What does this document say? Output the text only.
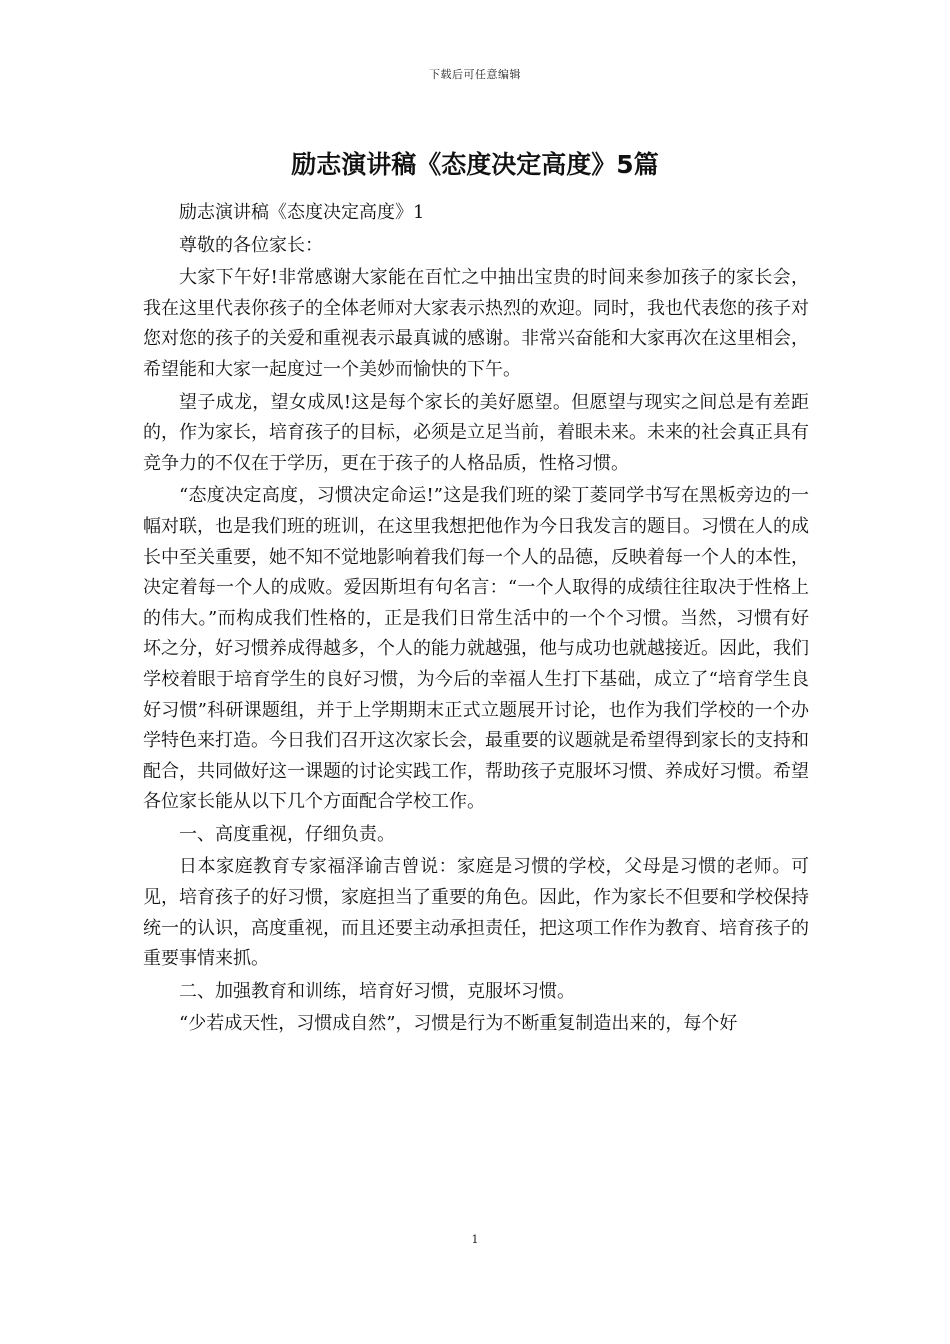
下载后可任意编辑
励志演讲稿《态度决定高度》5篇

励志演讲稿《态度决定高度》1

尊敬的各位家长：

大家下午好!非常感谢大家能在百忙之中抽出宝贵的时间来参加孩子的家长会，我在这里代表你孩子的全体老师对大家表示热烈的欢迎。同时，我也代表您的孩子对您对您的孩子的关爱和重视表示最真诚的感谢。非常兴奋能和大家再次在这里相会，希望能和大家一起度过一个美妙而愉快的下午。

望子成龙，望女成凤!这是每个家长的美好愿望。但愿望与现实之间总是有差距的，作为家长，培育孩子的目标，必须是立足当前，着眼未来。未来的社会真正具有竞争力的不仅在于学历，更在于孩子的人格品质，性格习惯。

“态度决定高度，习惯决定命运!”这是我们班的梁丁菱同学书写在黑板旁边的一幅对联，也是我们班的班训，在这里我想把他作为今日我发言的题目。习惯在人的成长中至关重要，她不知不觉地影响着我们每一个人的品德，反映着每一个人的本性，决定着每一个人的成败。爱因斯坦有句名言：“一个人取得的成绩往往取决于性格上的伟大。”而构成我们性格的，正是我们日常生活中的一个个习惯。当然，习惯有好坏之分，好习惯养成得越多，个人的能力就越强，他与成功也就越接近。因此，我们学校着眼于培育学生的良好习惯，为今后的幸福人生打下基础，成立了“培育学生良好习惯”科研课题组，并于上学期期末正式立题展开讨论，也作为我们学校的一个办学特色来打造。今日我们召开这次家长会，最重要的议题就是希望得到家长的支持和配合，共同做好这一课题的讨论实践工作，帮助孩子克服坏习惯、养成好习惯。希望各位家长能从以下几个方面配合学校工作。

一、高度重视，仔细负责。

日本家庭教育专家福泽谕吉曾说：家庭是习惯的学校，父母是习惯的老师。可见，培育孩子的好习惯，家庭担当了重要的角色。因此，作为家长不但要和学校保持统一的认识，高度重视，而且还要主动承担责任，把这项工作作为教育、培育孩子的重要事情来抓。

二、加强教育和训练，培育好习惯，克服坏习惯。

“少若成天性，习惯成自然”，习惯是行为不断重复制造出来的，每个好

1
